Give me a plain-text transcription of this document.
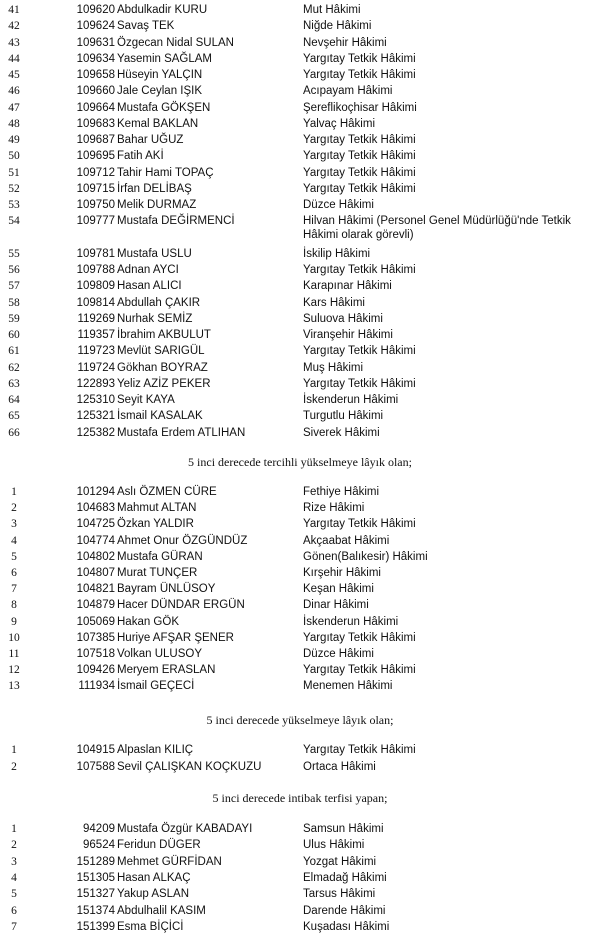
41	109620 Abdulkadir KURU	Mut Hâkimi
42	109624 Savaş TEK	Niğde Hâkimi
43	109631 Özgecan Nidal SULAN	Nevşehir Hâkimi
44	109634 Yasemin SAĞLAM	Yargıtay Tetkik Hâkimi
45	109658 Hüseyin YALÇIN	Yargıtay Tetkik Hâkimi
46	109660 Jale Ceylan IŞIK	Acıpayam Hâkimi
47	109664 Mustafa GÖKŞEN	Şereflikoçhisar Hâkimi
48	109683 Kemal BAKLAN	Yalvaç Hâkimi
49	109687 Bahar UĞUZ	Yargıtay Tetkik Hâkimi
50	109695 Fatih AKİ	Yargıtay Tetkik Hâkimi
51	109712 Tahir Hami TOPAÇ	Yargıtay Tetkik Hâkimi
52	109715 İrfan DELİBAŞ	Yargıtay Tetkik Hâkimi
53	109750 Melik DURMAZ	Düzce Hâkimi
54	109777 Mustafa DEĞİRMENCİ	Hilvan Hâkimi (Personel Genel Müdürlüğü'nde Tetkik Hâkimi olarak görevli)
55	109781 Mustafa USLU	İskilip Hâkimi
56	109788 Adnan AYCI	Yargıtay Tetkik Hâkimi
57	109809 Hasan ALICI	Karapınar Hâkimi
58	109814 Abdullah ÇAKIR	Kars Hâkimi
59	119269 Nurhak SEMİZ	Suluova Hâkimi
60	119357 İbrahim AKBULUT	Viranşehir Hâkimi
61	119723 Mevlüt SARIGÜL	Yargıtay Tetkik Hâkimi
62	119724 Gökhan BOYRAZ	Muş Hâkimi
63	122893 Yeliz AZİZ PEKER	Yargıtay Tetkik Hâkimi
64	125310 Seyit KAYA	İskenderun Hâkimi
65	125321 İsmail KASALAK	Turgutlu Hâkimi
66	125382 Mustafa Erdem ATLIHAN	Siverek Hâkimi
5 inci derecede tercihli yükselmeye lâyık olan;
1	101294 Aslı ÖZMEN CÜRE	Fethiye Hâkimi
2	104683 Mahmut ALTAN	Rize Hâkimi
3	104725 Özkan YALDIR	Yargıtay Tetkik Hâkimi
4	104774 Ahmet Onur ÖZGÜNDÜZ	Akçaabat Hâkimi
5	104802 Mustafa GÜRAN	Gönen(Balıkesir) Hâkimi
6	104807 Murat TUNÇER	Kırşehir Hâkimi
7	104821 Bayram ÜNLÜSOY	Keşan Hâkimi
8	104879 Hacer DÜNDAR ERGÜN	Dinar Hâkimi
9	105069 Hakan GÖK	İskenderun Hâkimi
10	107385 Huriye AFŞAR ŞENER	Yargıtay Tetkik Hâkimi
11	107518 Volkan ULUSOY	Düzce Hâkimi
12	109426 Meryem ERASLAN	Yargıtay Tetkik Hâkimi
13	111934 İsmail GEÇECİ	Menemen Hâkimi
5 inci derecede yükselmeye lâyık olan;
1	104915 Alpaslan KILIÇ	Yargıtay Tetkik Hâkimi
2	107588 Sevil ÇALIŞKAN KOÇKUZU	Ortaca Hâkimi
5 inci derecede intibak terfisi yapan;
1	94209 Mustafa Özgür KABADAYI	Samsun Hâkimi
2	96524 Feridun DÜGER	Ulus Hâkimi
3	151289 Mehmet GÜRFİDAN	Yozgat Hâkimi
4	151305 Hasan ALKAÇ	Elmadağ Hâkimi
5	151327 Yakup ASLAN	Tarsus Hâkimi
6	151374 Abdulhalil KASIM	Darende Hâkimi
7	151399 Esma BİÇİCİ	Kuşadası Hâkimi
